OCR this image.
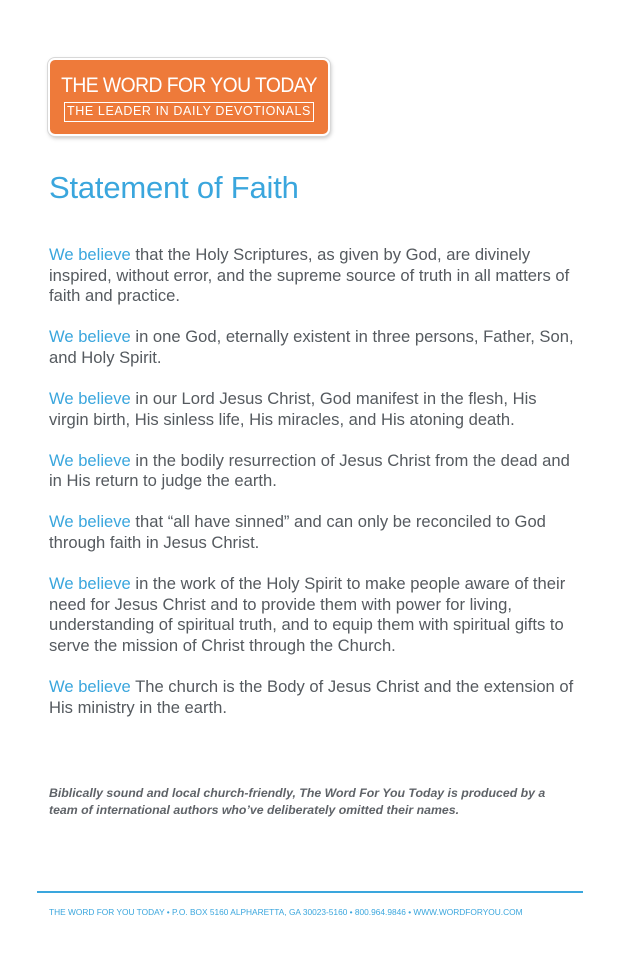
THE WORD FOR YOU TODAY
THE LEADER IN DAILY DEVOTIONALS
Statement of Faith

We believe that the Holy Scriptures, as given by God, are divinely inspired, without error, and the supreme source of truth in all matters of faith and practice.

We believe in one God, eternally existent in three persons, Father, Son, and Holy Spirit.

We believe in our Lord Jesus Christ, God manifest in the flesh, His virgin birth, His sinless life, His miracles, and His atoning death.

We believe in the bodily resurrection of Jesus Christ from the dead and in His return to judge the earth.

We believe that “all have sinned” and can only be reconciled to God through faith in Jesus Christ.

We believe in the work of the Holy Spirit to make people aware of their need for Jesus Christ and to provide them with power for living, understanding of spiritual truth, and to equip them with spiritual gifts to serve the mission of Christ through the Church.

We believe The church is the Body of Jesus Christ and the extension of His ministry in the earth.

Biblically sound and local church-friendly, The Word For You Today is produced by a team of international authors who’ve deliberately omitted their names.

THE WORD FOR YOU TODAY • P.O. BOX 5160 ALPHARETTA, GA 30023-5160 • 800.964.9846 • WWW.WORDFORYOU.COM
